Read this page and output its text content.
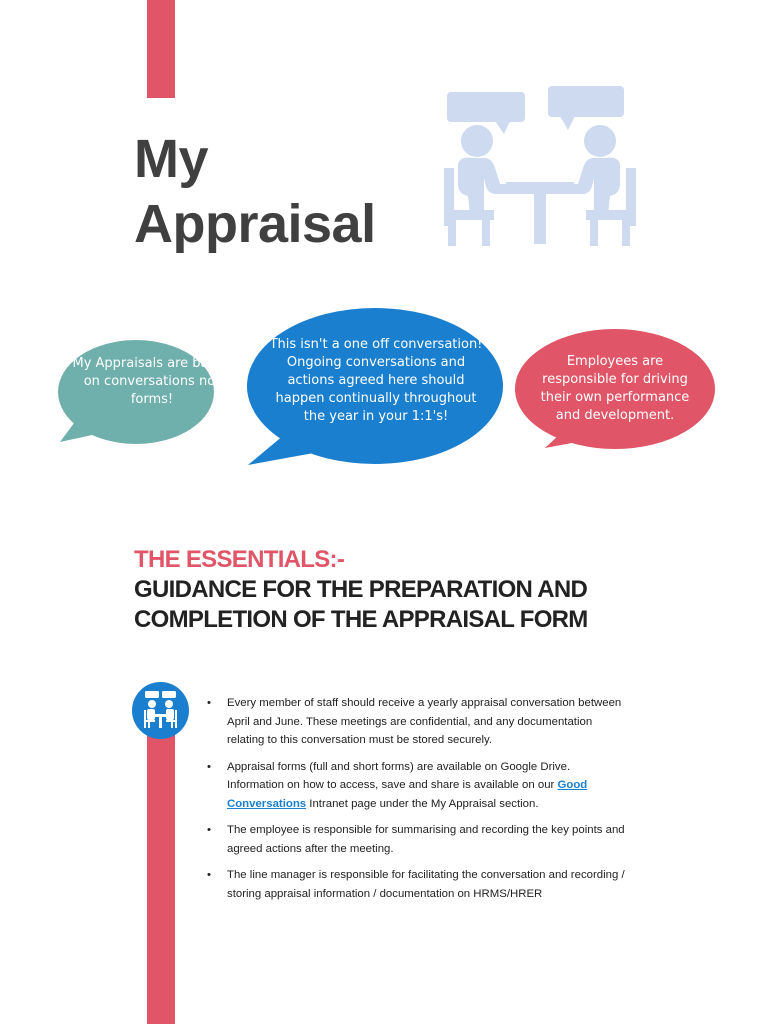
My
Appraisal
My Appraisals are based on conversations not forms!
This isn't a one off conversation! Ongoing conversations and actions agreed here should happen continually throughout the year in your 1:1's!
Employees are responsible for driving their own performance and development.
THE ESSENTIALS:-
GUIDANCE FOR THE PREPARATION AND
COMPLETION OF THE APPRAISAL FORM
• Every member of staff should receive a yearly appraisal conversation between April and June. These meetings are confidential, and any documentation relating to this conversation must be stored securely.
• Appraisal forms (full and short forms) are available on Google Drive. Information on how to access, save and share is available on our Good Conversations Intranet page under the My Appraisal section.
• The employee is responsible for summarising and recording the key points and agreed actions after the meeting.
• The line manager is responsible for facilitating the conversation and recording / storing appraisal information / documentation on HRMS/HRER
